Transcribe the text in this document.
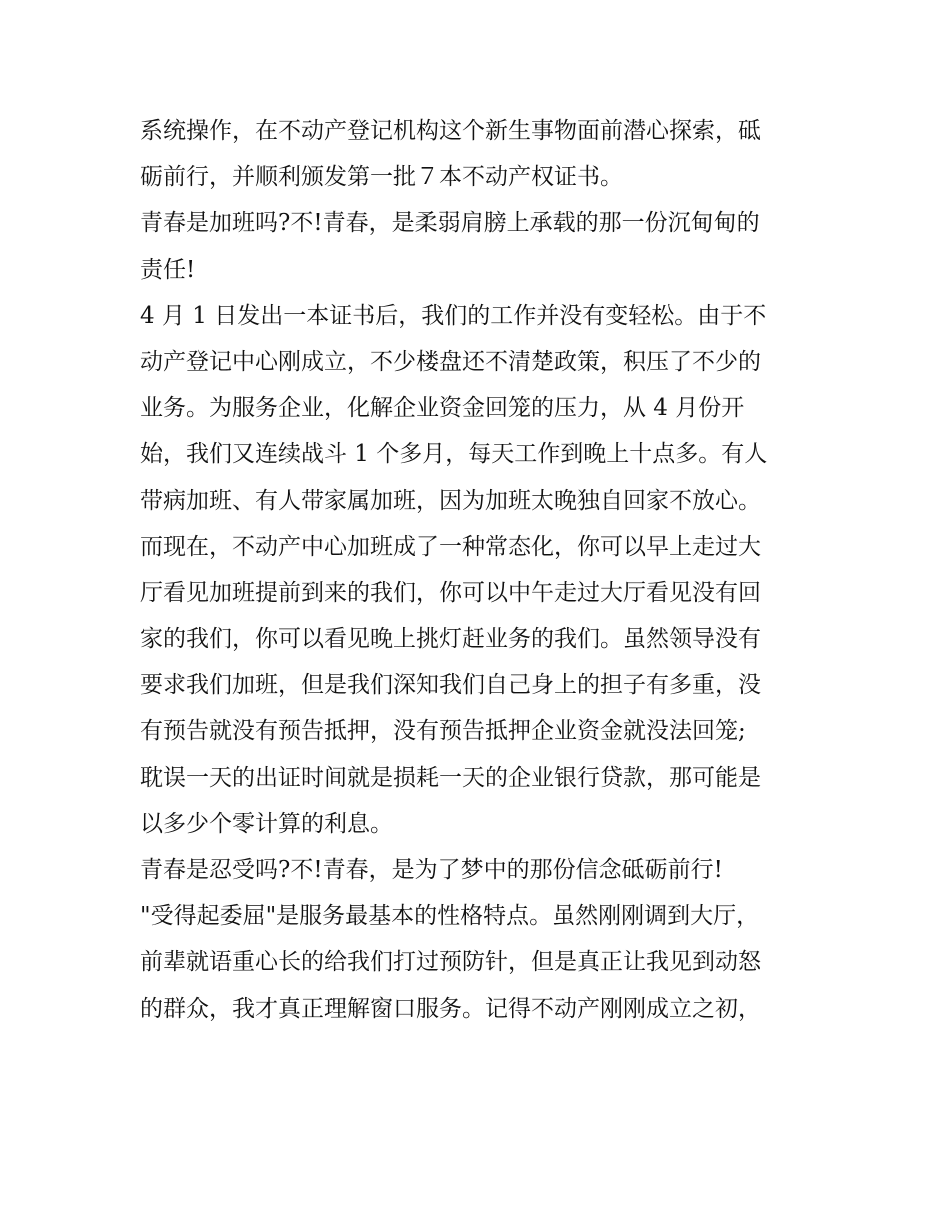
系统操作，在不动产登记机构这个新生事物面前潜心探索，砥
砺前行，并顺利颁发第一批７本不动产权证书。
青春是加班吗?不!青春，是柔弱肩膀上承载的那一份沉甸甸的
责任!
4 月 1 日发出一本证书后，我们的工作并没有变轻松。由于不
动产登记中心刚成立，不少楼盘还不清楚政策，积压了不少的
业务。为服务企业，化解企业资金回笼的压力，从 4 月份开
始，我们又连续战斗 1 个多月，每天工作到晚上十点多。有人
带病加班、有人带家属加班，因为加班太晚独自回家不放心。
而现在，不动产中心加班成了一种常态化，你可以早上走过大
厅看见加班提前到来的我们，你可以中午走过大厅看见没有回
家的我们，你可以看见晚上挑灯赶业务的我们。虽然领导没有
要求我们加班，但是我们深知我们自己身上的担子有多重，没
有预告就没有预告抵押，没有预告抵押企业资金就没法回笼;
耽误一天的出证时间就是损耗一天的企业银行贷款，那可能是
以多少个零计算的利息。
青春是忍受吗?不!青春，是为了梦中的那份信念砥砺前行!
"受得起委屈"是服务最基本的性格特点。虽然刚刚调到大厅，
前辈就语重心长的给我们打过预防针，但是真正让我见到动怒
的群众，我才真正理解窗口服务。记得不动产刚刚成立之初，
